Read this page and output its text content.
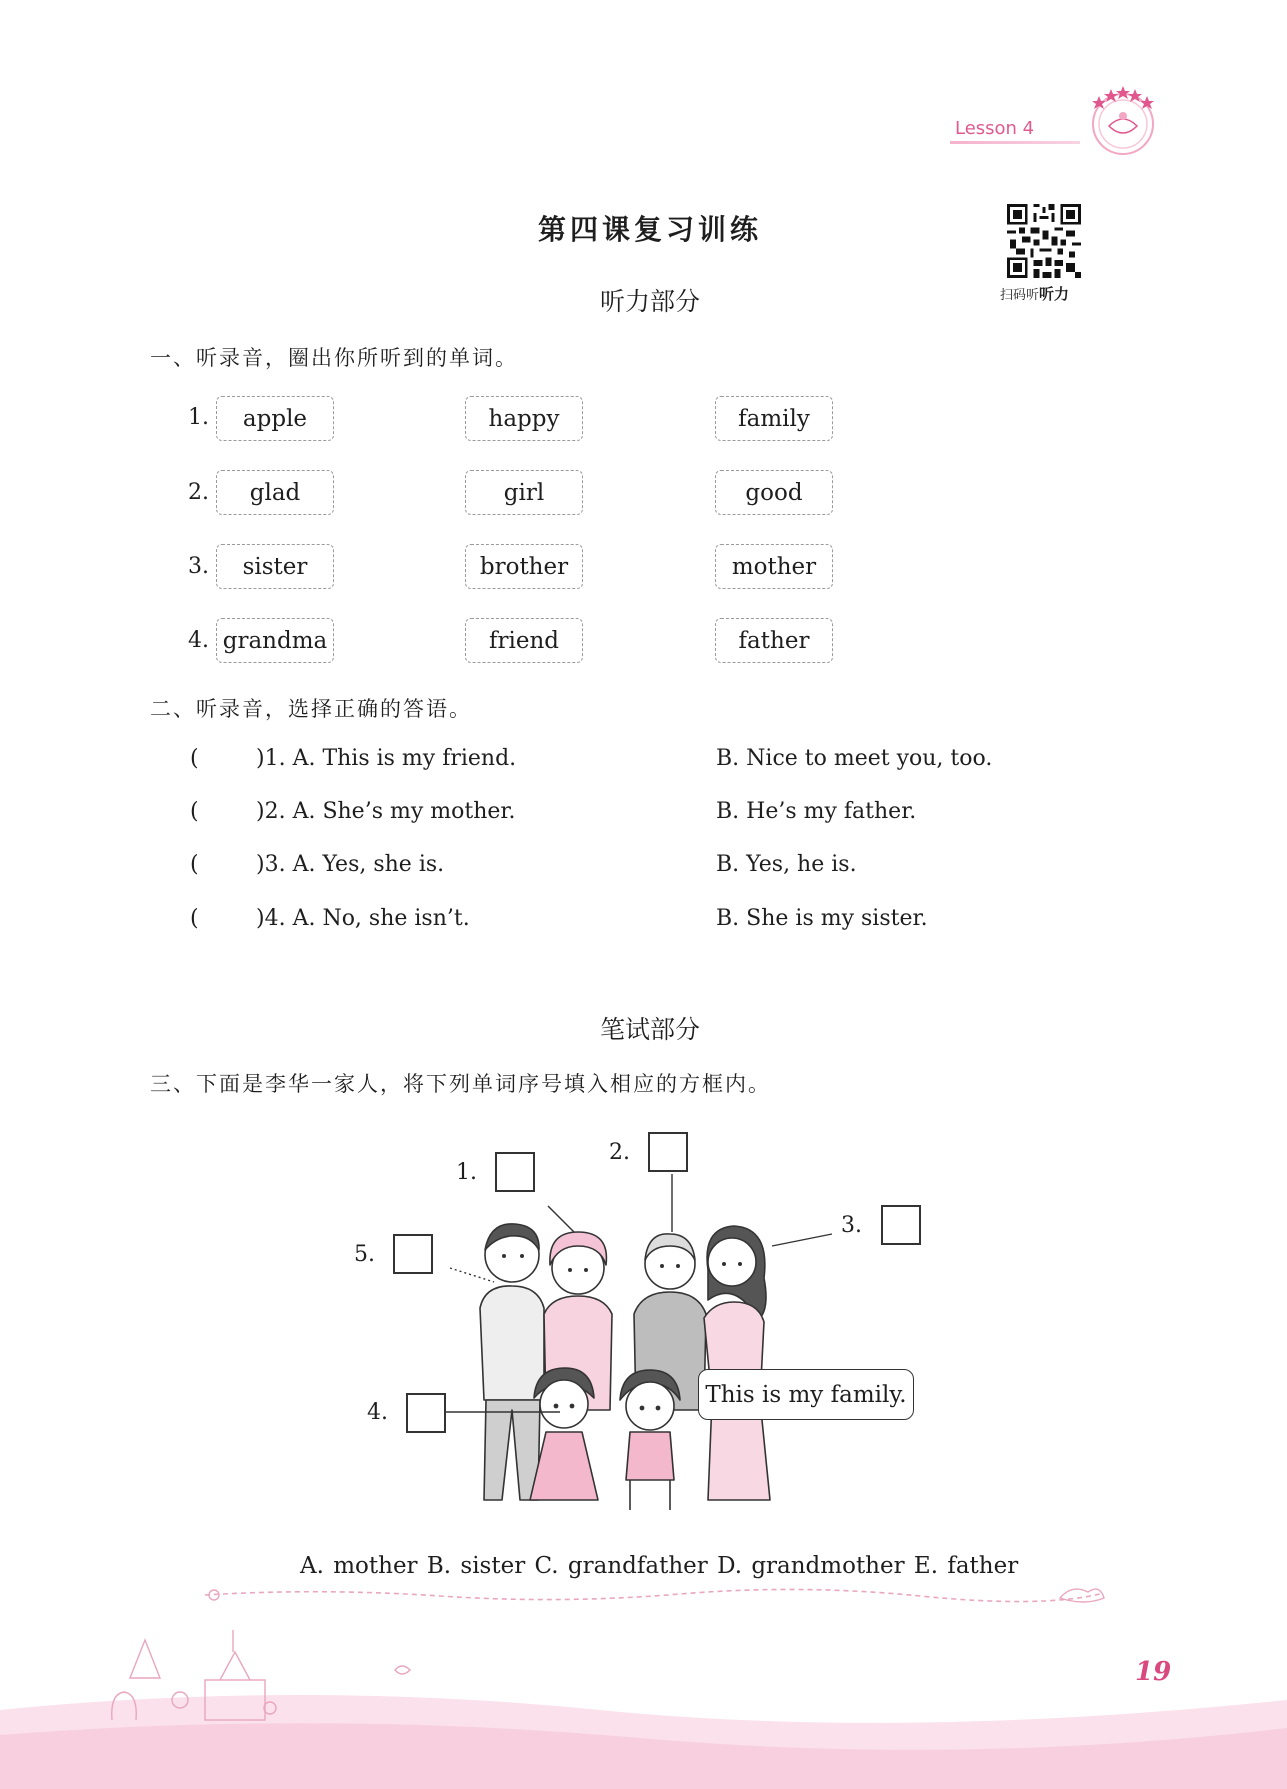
Lesson 4
第四课复习训练
扫码听听力
听力部分
一、听录音，圈出你所听到的单词。
1.	apple	happy	family
2.	glad	girl	good
3.	sister	brother	mother
4. grandma	friend	father
二、听录音，选择正确的答语。
(	)1. A. This is my friend.	B. Nice to meet you, too.
(	)2. A. She’s my mother.	B. He’s my father.
(	)3. A. Yes, she is.	B. Yes, he is.
(	)4. A. No, she isn’t.	B. She is my sister.
笔试部分
三、下面是李华一家人，将下列单词序号填入相应的方框内。
1.
2.
3.
4.
5.
This is my family.
A. mother B. sister C. grandfather D. grandmother E. father
19
